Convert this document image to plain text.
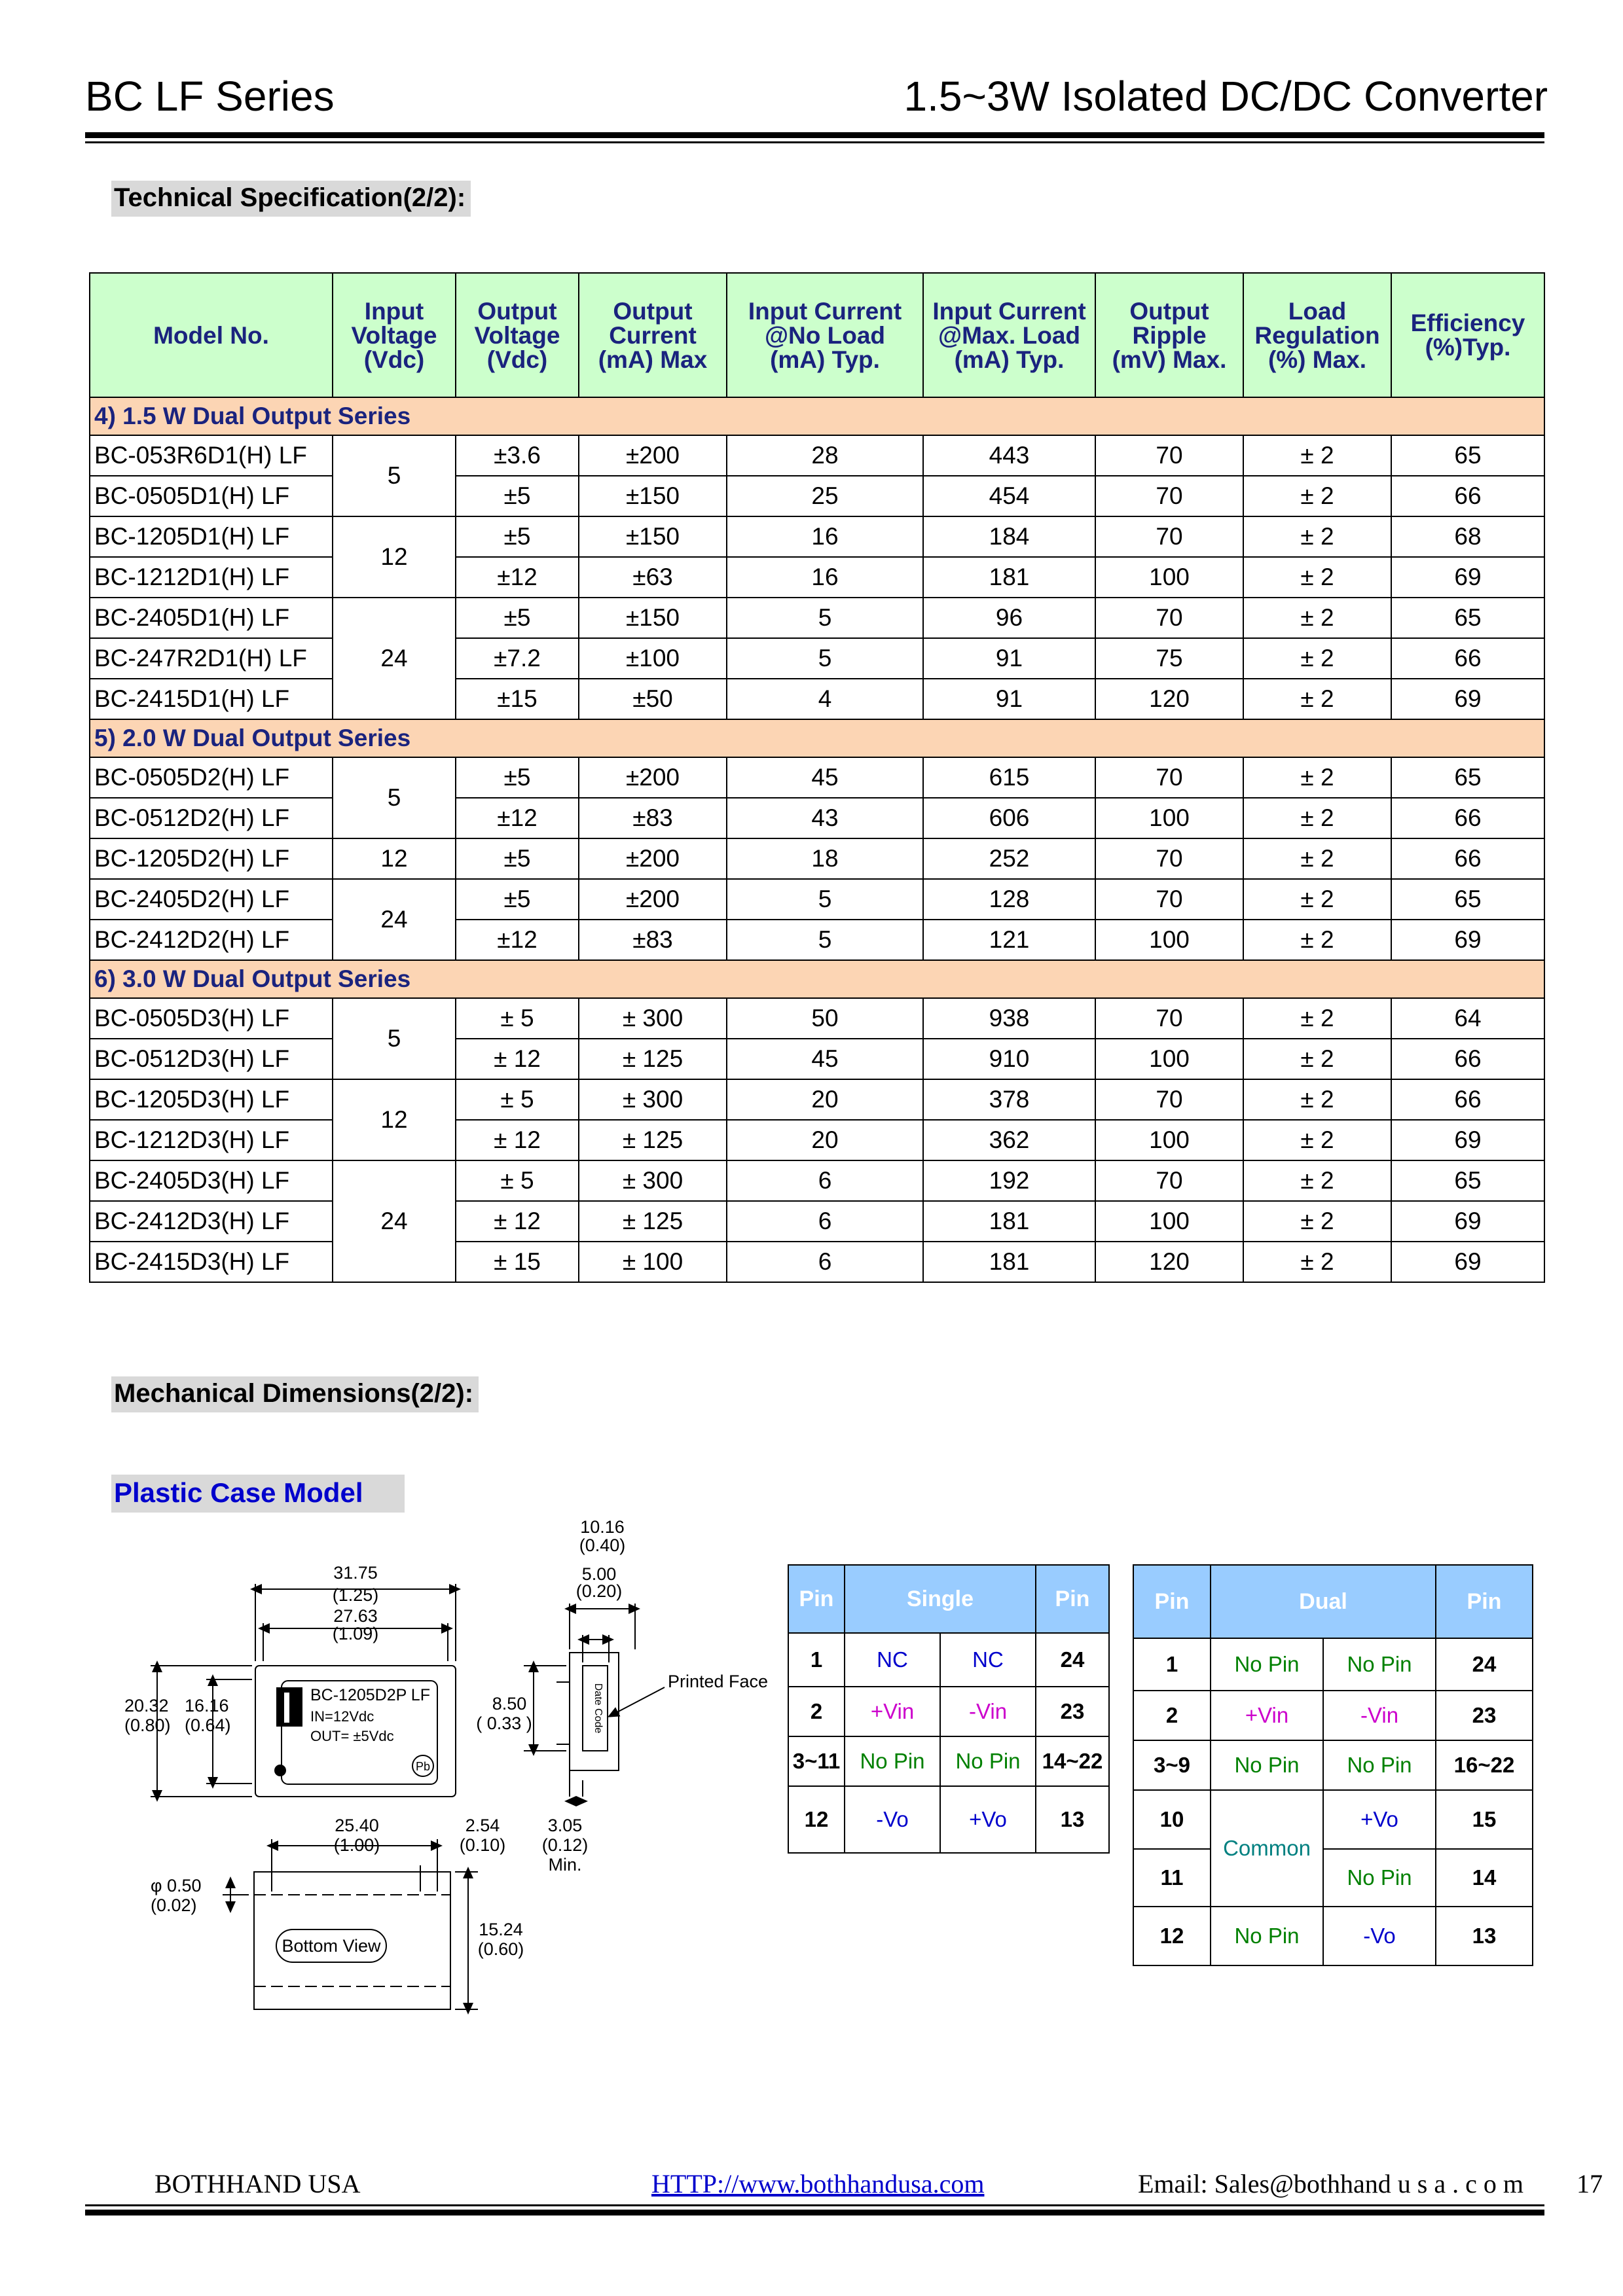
BC LF Series	1.5~3W Isolated DC/DC Converter
Technical Specification(2/2):
Model No.	Input
Voltage
(Vdc)	Output
Voltage
(Vdc)	Output
Current
(mA) Max	Input Current
@No Load
(mA) Typ.	Input Current
@Max. Load
(mA) Typ.	Output
Ripple
(mV) Max.	Load
Regulation
(%) Max.	Efficiency
(%)Typ.
4) 1.5 W Dual Output Series								
BC-053R6D1(H) LF	5	±3.6	±200	28	443	70	± 2	65
BC-0505D1(H) LF		±5	±150	25	454	70	± 2	66
BC-1205D1(H) LF	12	±5	±150	16	184	70	± 2	68
BC-1212D1(H) LF		±12	±63	16	181	100	± 2	69
BC-2405D1(H) LF	24	±5	±150	5	96	70	± 2	65
BC-247R2D1(H) LF		±7.2	±100	5	91	75	± 2	66
BC-2415D1(H) LF		±15	±50	4	91	120	± 2	69
5) 2.0 W Dual Output Series								
BC-0505D2(H) LF	5	±5	±200	45	615	70	± 2	65
BC-0512D2(H) LF		±12	±83	43	606	100	± 2	66
BC-1205D2(H) LF	12	±5	±200	18	252	70	± 2	66
BC-2405D2(H) LF	24	±5	±200	5	128	70	± 2	65
BC-2412D2(H) LF		±12	±83	5	121	100	± 2	69
6) 3.0 W Dual Output Series								
BC-0505D3(H) LF	5	± 5	± 300	50	938	70	± 2	64
BC-0512D3(H) LF		± 12	± 125	45	910	100	± 2	66
BC-1205D3(H) LF	12	± 5	± 300	20	378	70	± 2	66
BC-1212D3(H) LF		± 12	± 125	20	362	100	± 2	69
BC-2405D3(H) LF	24	± 5	± 300	6	192	70	± 2	65
BC-2412D3(H) LF		± 12	± 125	6	181	100	± 2	69
BC-2415D3(H) LF		± 15	± 100	6	181	120	± 2	69
Mechanical Dimensions(2/2):
Plastic Case Model
31.75
(1.25)
27.63
(1.09)
20.32
(0.80)
16.16
(0.64)
BC-1205D2P LF
IN=12Vdc
OUT= ±5Vdc
Pb
10.16
(0.40)
5.00
(0.20)
8.50
( 0.33 )	Date Code
Printed Face
3.05
(0.12)
Min.
25.40
(1.00)
2.54
(0.10)
φ 0.50
(0.02)
Bottom View
15.24
(0.60)
Pin	Single		Pin
1	NC	NC	24
2	+Vin	-Vin	23
3~11	No Pin	No Pin	14~22
12	-Vo	+Vo	13
Pin	Dual		Pin
1	No Pin	No Pin	24
2	+Vin	-Vin	23
3~9	No Pin	No Pin	16~22
10	Common	+Vo	15
11		No Pin	14
12	No Pin	-Vo	13
BOTHHAND USA	HTTP://www.bothhandusa.com	Email: Sales@bothhand u s a . c o m 17
